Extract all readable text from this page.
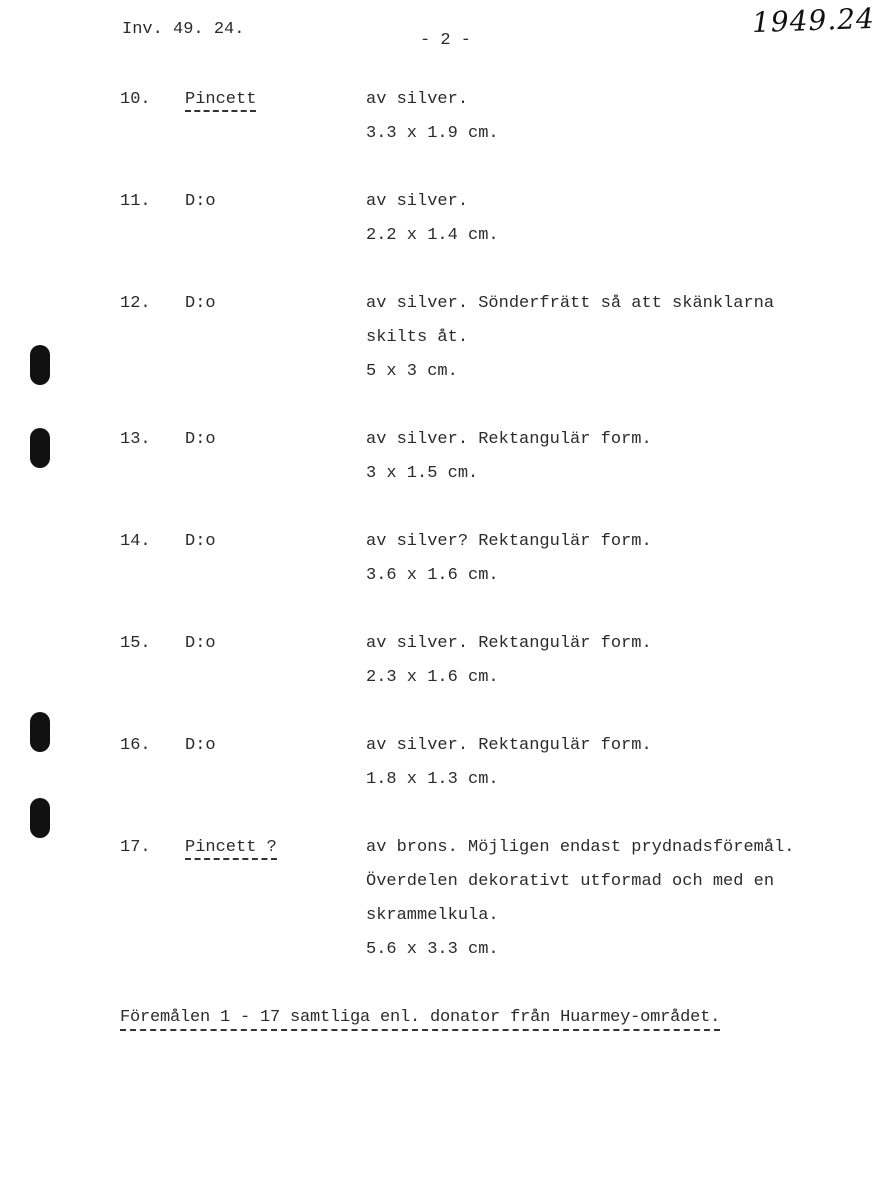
Inv. 49. 24.
- 2 -
1949.24
10. Pincett	av silver.
3.3 x 1.9 cm.
11. D:o	av silver.
2.2 x 1.4 cm.
12. D:o	av silver. Sönderfrätt så att skänklarna
skilts åt.
5 x 3 cm.
13. D:o	av silver. Rektangulär form.
3 x 1.5 cm.
14. D:o	av silver? Rektangulär form.
3.6 x 1.6 cm.
15. D:o	av silver. Rektangulär form.
2.3 x 1.6 cm.
16. D:o	av silver. Rektangulär form.
1.8 x 1.3 cm.
17. Pincett ?	av brons. Möjligen endast prydnadsföremål.
Överdelen dekorativt utformad och med en
skrammelkula.
5.6 x 3.3 cm.
Föremålen 1 - 17 samtliga enl. donator från Huarmey-området.
